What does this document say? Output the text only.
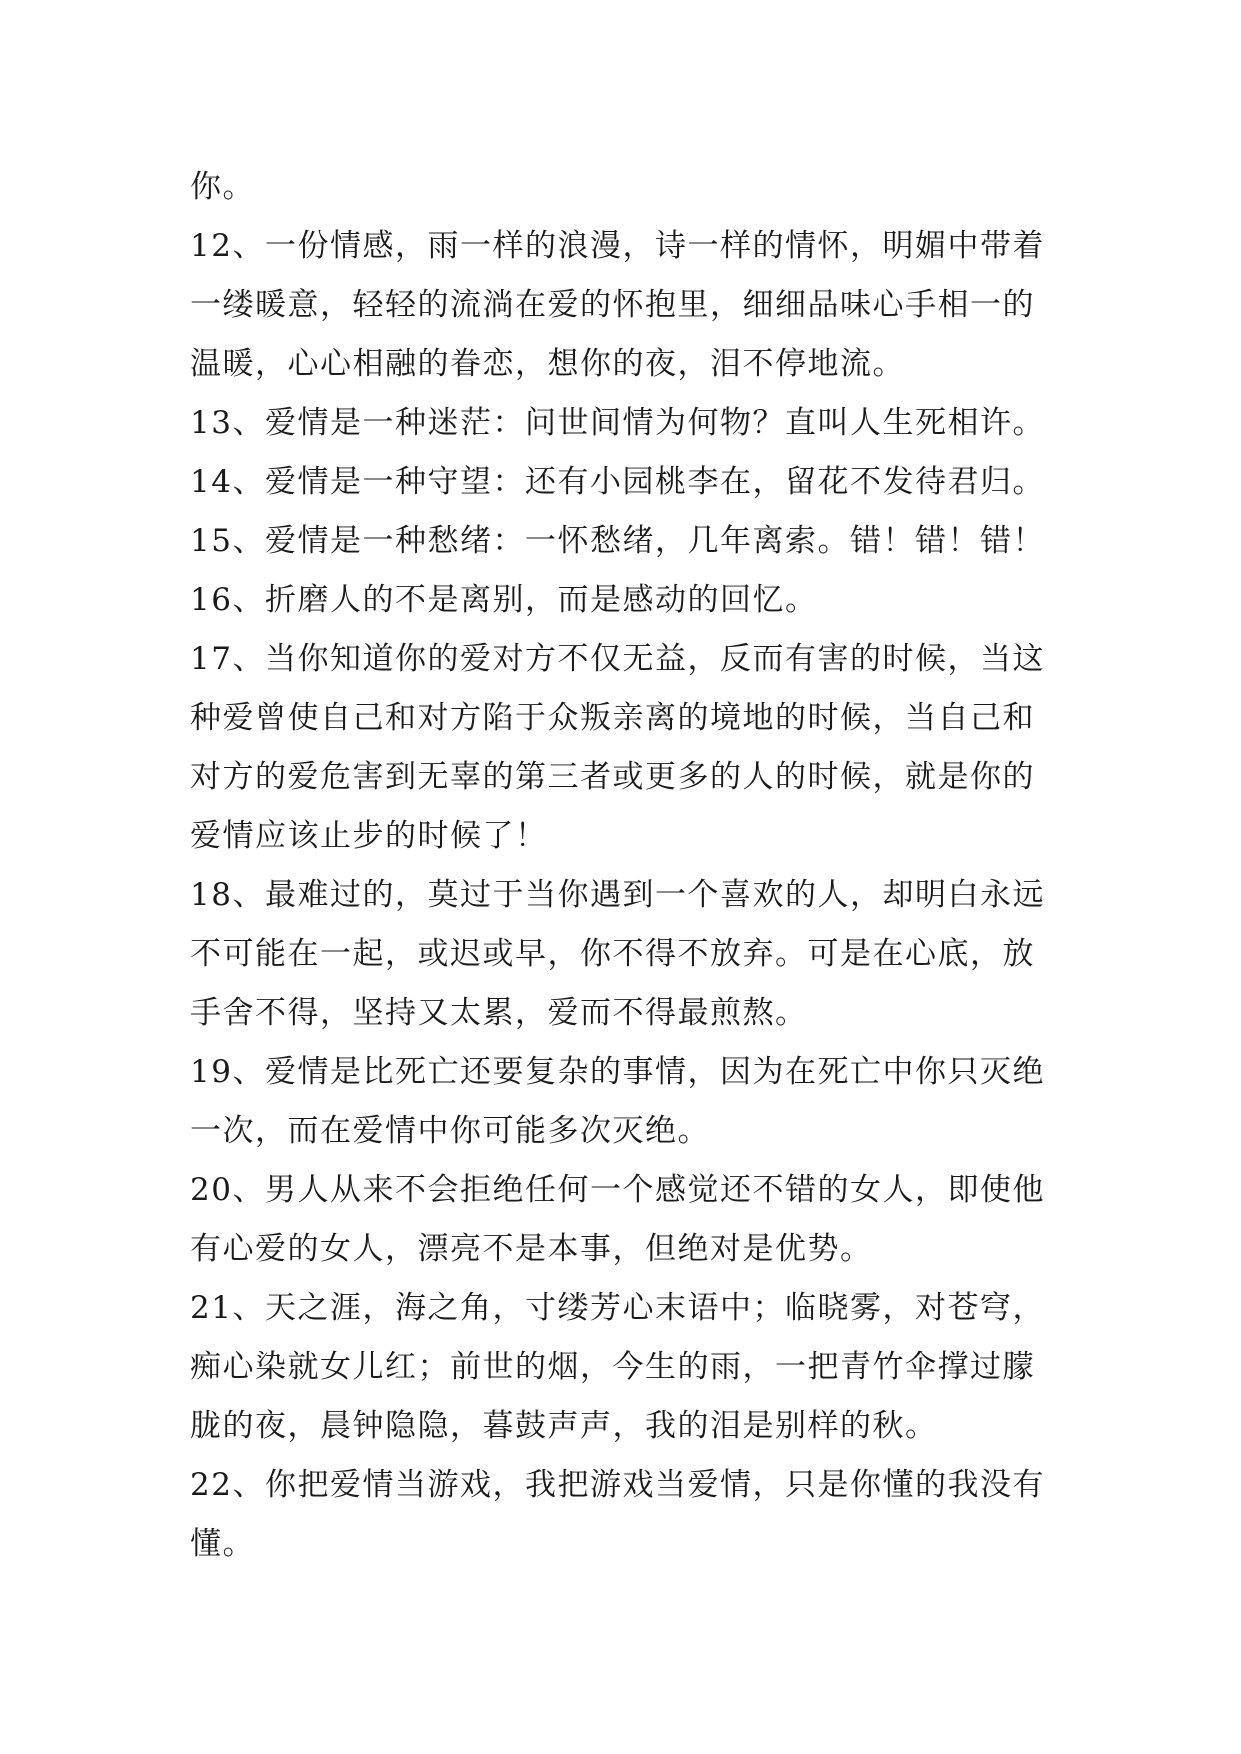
你。
12、一份情感，雨一样的浪漫，诗一样的情怀，明媚中带着
一缕暖意，轻轻的流淌在爱的怀抱里，细细品味心手相一的
温暖，心心相融的眷恋，想你的夜，泪不停地流。
13、爱情是一种迷茫：问世间情为何物？直叫人生死相许。
14、爱情是一种守望：还有小园桃李在，留花不发待君归。
15、爱情是一种愁绪：一怀愁绪，几年离索。错！错！错！
16、折磨人的不是离别，而是感动的回忆。
17、当你知道你的爱对方不仅无益，反而有害的时候，当这
种爱曾使自己和对方陷于众叛亲离的境地的时候，当自己和
对方的爱危害到无辜的第三者或更多的人的时候，就是你的
爱情应该止步的时候了！
18、最难过的，莫过于当你遇到一个喜欢的人，却明白永远
不可能在一起，或迟或早，你不得不放弃。可是在心底，放
手舍不得，坚持又太累，爱而不得最煎熬。
19、爱情是比死亡还要复杂的事情，因为在死亡中你只灭绝
一次，而在爱情中你可能多次灭绝。
20、男人从来不会拒绝任何一个感觉还不错的女人，即使他
有心爱的女人，漂亮不是本事，但绝对是优势。
21、天之涯，海之角，寸缕芳心末语中；临晓雾，对苍穹，
痴心染就女儿红；前世的烟，今生的雨，一把青竹伞撑过朦
胧的夜，晨钟隐隐，暮鼓声声，我的泪是别样的秋。
22、你把爱情当游戏，我把游戏当爱情，只是你懂的我没有
懂。
